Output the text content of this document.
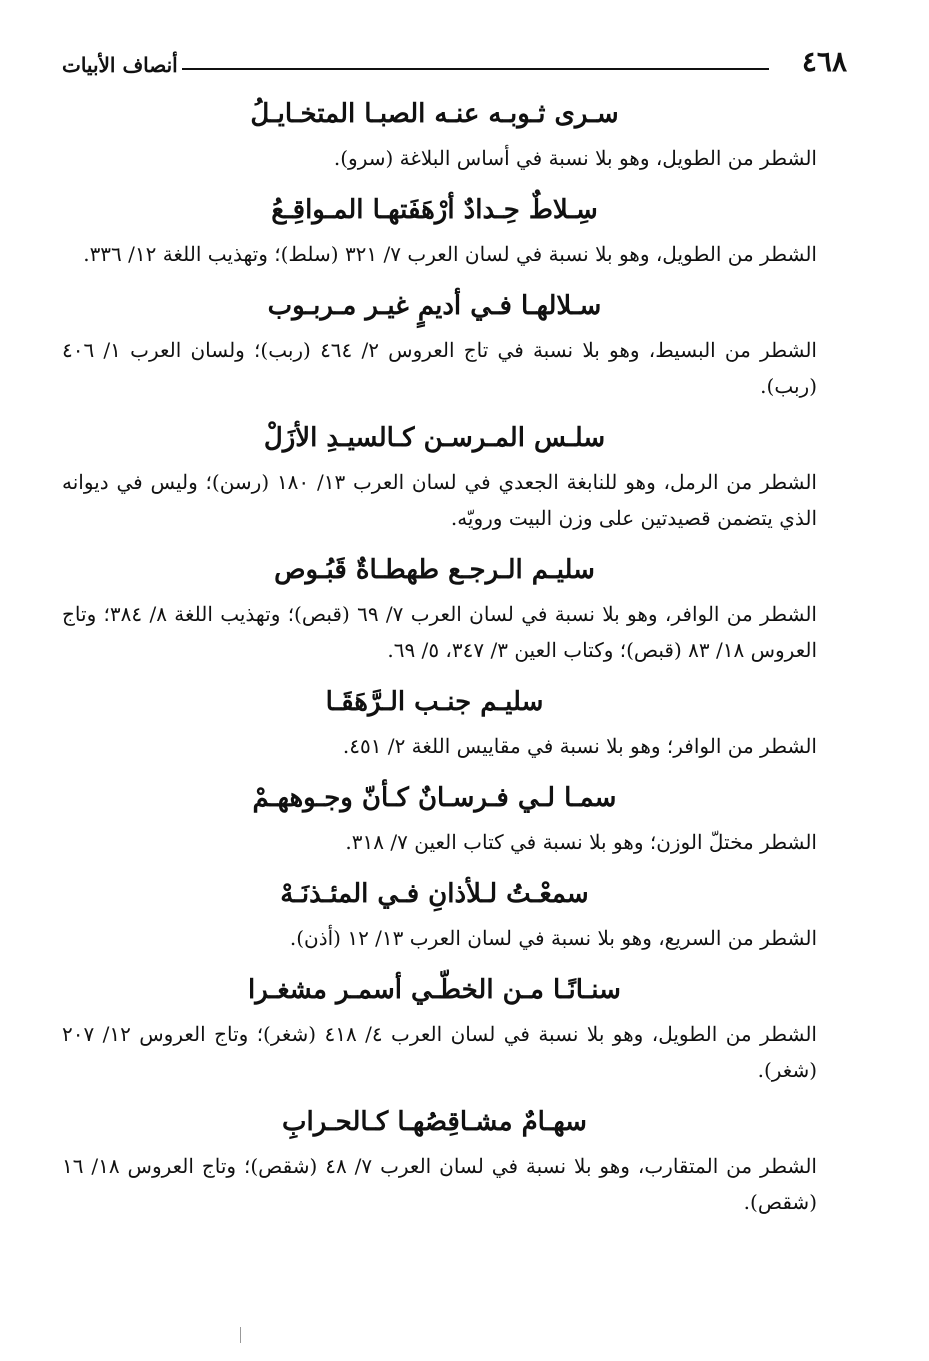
٤٦٨
أنصاف الأبيات
سـرى ثـوبـه عنـه الصبـا المتخـايـلُ

الشطر من الطويل، وهو بلا نسبة في أساس البلاغة (سرو).

سِـلاطٌ حِـدادٌ أرْهَفَتهـا المـواقِـعُ

الشطر من الطويل، وهو بلا نسبة في لسان العرب ٧/ ٣٢١ (سلط)؛ وتهذيب اللغة ١٢/ ٣٣٦.

سـلالهـا فـي أديمٍ غيـر مـربـوب

الشطر من البسيط، وهو بلا نسبة في تاج العروس ٢/ ٤٦٤ (ربب)؛ ولسان العرب ١/ ٤٠٦ (ربب).

سلـس المـرسـن كـالسيـدِ الأزَلْ

الشطر من الرمل، وهو للنابغة الجعدي في لسان العرب ١٣/ ١٨٠ (رسن)؛ وليس في ديوانه الذي يتضمن قصيدتين على وزن البيت ورويّه.

سليـم الـرجـع طهطـاةٌ قَبُـوص

الشطر من الوافر، وهو بلا نسبة في لسان العرب ٧/ ٦٩ (قبص)؛ وتهذيب اللغة ٨/ ٣٨٤؛ وتاج العروس ١٨/ ٨٣ (قبص)؛ وكتاب العين ٣/ ٣٤٧، ٥/ ٦٩.

سليـم جنـب الـرَّهَقَـا

الشطر من الوافر؛ وهو بلا نسبة في مقاييس اللغة ٢/ ٤٥١.

سمـا لـي فـرسـانٌ كـأنّ وجـوههـمْ

الشطر مختلّ الوزن؛ وهو بلا نسبة في كتاب العين ٧/ ٣١٨.

سمعْـتُ لـلأذانِ فـي المئـذنَـهْ

الشطر من السريع، وهو بلا نسبة في لسان العرب ١٣/ ١٢ (أذن).

سنـانًـا مـن الخطّـي أسمـر مشغـرا

الشطر من الطويل، وهو بلا نسبة في لسان العرب ٤/ ٤١٨ (شغر)؛ وتاج العروس ١٢/ ٢٠٧ (شغر).

سهـامٌ مشـاقِصُهـا كـالحـرابِ

الشطر من المتقارب، وهو بلا نسبة في لسان العرب ٧/ ٤٨ (شقص)؛ وتاج العروس ١٨/ ١٦ (شقص).
